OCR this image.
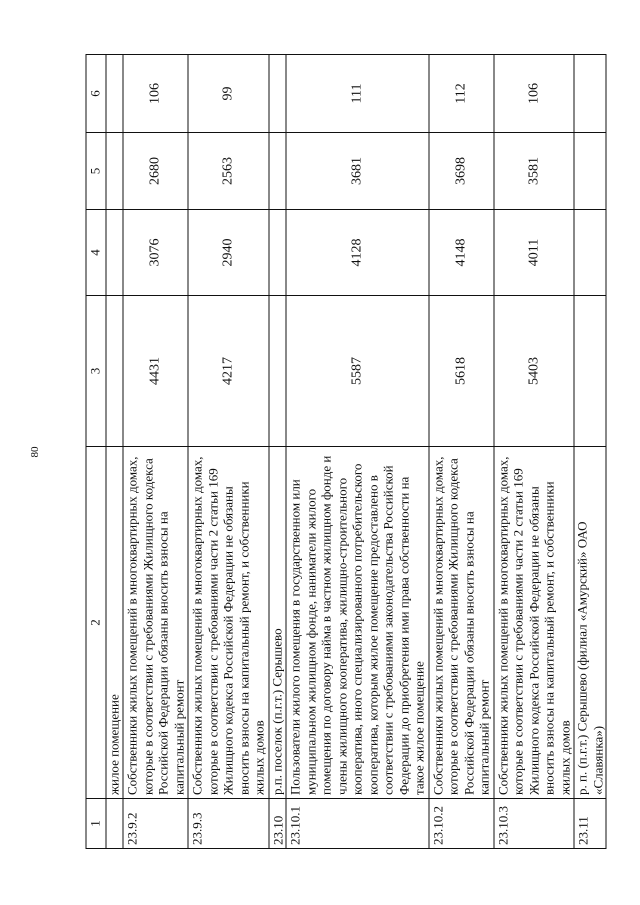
80
1	2	3	4	5	6
	жилое помещение				
23.9.2	Собственники жилых помещений в многоквартирных домах, которые в соответствии с требованиями Жилищного кодекса Российской Федерации обязаны вносить взносы на капитальный ремонт	4431	3076	2680	106
23.9.3	Собственники жилых помещений в многоквартирных домах, которые в соответствии с требованиями части 2 статьи 169 Жилищного кодекса Российской Федерации не обязаны вносить взносы на капитальный ремонт, и собственники жилых домов	4217	2940	2563	99
23.10	р.п. поселок (п.г.т.) Серышево				
23.10.1	Пользователи жилого помещения в государственном или муниципальном жилищном фонде, наниматели жилого помещения по договору найма в частном жилищном фонде и члены жилищного кооператива, жилищно-строительного кооператива, иного специализированного потребительского кооператива, которым жилое помещение предоставлено в соответствии с требованиями законодательства Российской Федерации до приобретения ими права собственности на такое жилое помещение	5587	4128	3681	111
23.10.2	Собственники жилых помещений в многоквартирных домах, которые в соответствии с требованиями Жилищного кодекса Российской Федерации обязаны вносить взносы на капитальный ремонт	5618	4148	3698	112
23.10.3	Собственники жилых помещений в многоквартирных домах, которые в соответствии с требованиями части 2 статьи 169 Жилищного кодекса Российской Федерации не обязаны вносить взносы на капитальный ремонт, и собственники жилых домов	5403	4011	3581	106
23.11	р. п. (п.г.т.) Серышево (филиал «Амурский» ОАО «Славянка»)				
